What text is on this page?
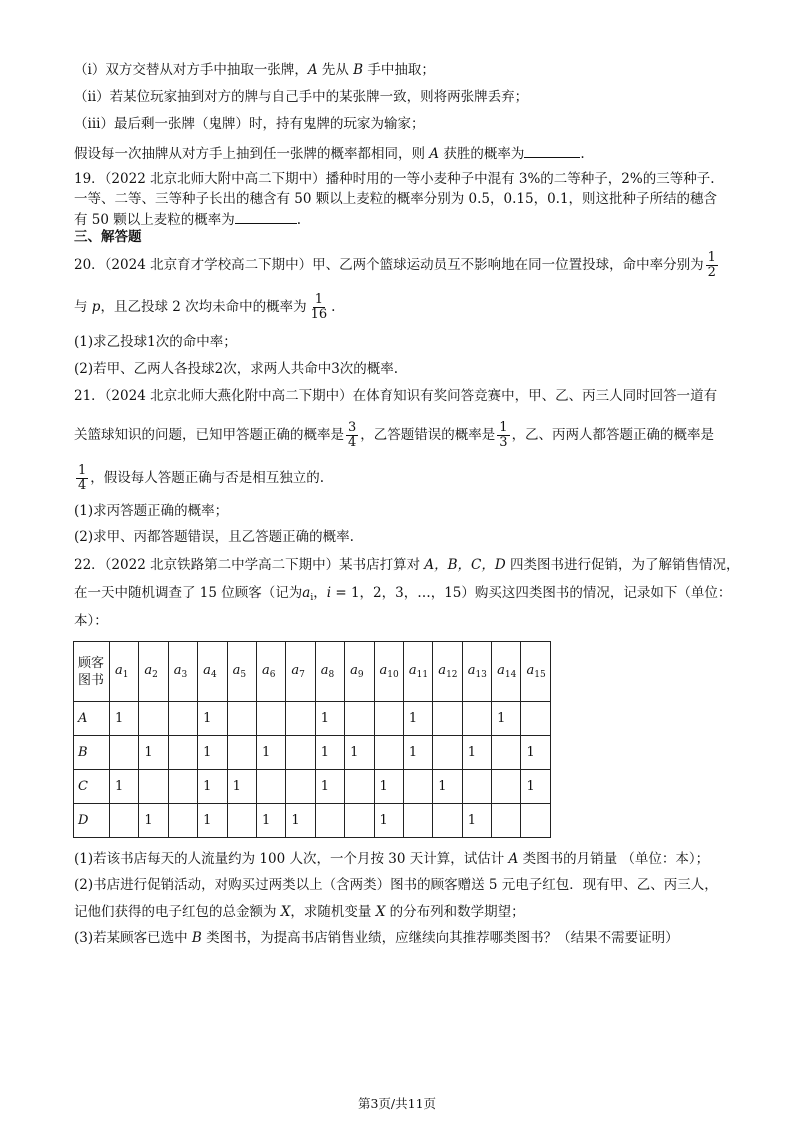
（i）双方交替从对方手中抽取一张牌，A 先从 B 手中抽取；
（ii）若某位玩家抽到对方的牌与自己手中的某张牌一致，则将两张牌丢弃；
（iii）最后剩一张牌（鬼牌）时，持有鬼牌的玩家为输家；
假设每一次抽牌从对方手上抽到任一张牌的概率都相同，则 A 获胜的概率为	.
19．（2022 北京北师大附中高二下期中）播种时用的一等小麦种子中混有 3%的二等种子，2%的三等种子.
一等、二等、三等种子长出的穗含有 50 颗以上麦粒的概率分别为 0.5，0.15，0.1，则这批种子所结的穗含
有 50 颗以上麦粒的概率为	.
三、解答题
20．（2024 北京育才学校高二下期中）甲、乙两个篮球运动员互不影响地在同一位置投球，命中率分别为 $\frac{1}{2}$
与 p，且乙投球 2 次均未命中的概率为 $\frac{1}{16}$ .
(1)求乙投球1次的命中率；
(2)若甲、乙两人各投球2次，求两人共命中3次的概率.
21．（2024 北京北师大燕化附中高二下期中）在体育知识有奖问答竞赛中，甲、乙、丙三人同时回答一道有
关篮球知识的问题，已知甲答题正确的概率是 $\frac{3}{4}$ ，乙答题错误的概率是 $\frac{1}{3}$ ，乙、丙两人都答题正确的概率是
$\frac{1}{4}$ ，假设每人答题正确与否是相互独立的.
(1)求丙答题正确的概率；
(2)求甲、丙都答题错误，且乙答题正确的概率.
22．（2022 北京铁路第二中学高二下期中）某书店打算对 A，B，C，D 四类图书进行促销，为了解销售情况，
在一天中随机调查了 15 位顾客（记为$a_i$，i = 1，2，3，…，15）购买这四类图书的情况，记录如下（单位：
本）：
顾客
图书	$a_1$	$a_2$	$a_3$	$a_4$	$a_5$	$a_6$	$a_7$	$a_8$	$a_9$	$a_{10}$	$a_{11}$	$a_{12}$	$a_{13}$	$a_{14}$	$a_{15}$
A	1			1				1			1			1	
B		1		1		1		1	1		1		1		1
C	1			1	1			1		1		1			1
D		1		1		1	1			1			1		
(1)若该书店每天的人流量约为 100 人次，一个月按 30 天计算，试估计 A 类图书的月销量 （单位：本）；
(2)书店进行促销活动，对购买过两类以上（含两类）图书的顾客赠送 5 元电子红包．现有甲、乙、丙三人，
记他们获得的电子红包的总金额为 X，求随机变量 X 的分布列和数学期望；
(3)若某顾客已选中 B 类图书，为提高书店销售业绩，应继续向其推荐哪类图书？（结果不需要证明）
第3页/共11页
